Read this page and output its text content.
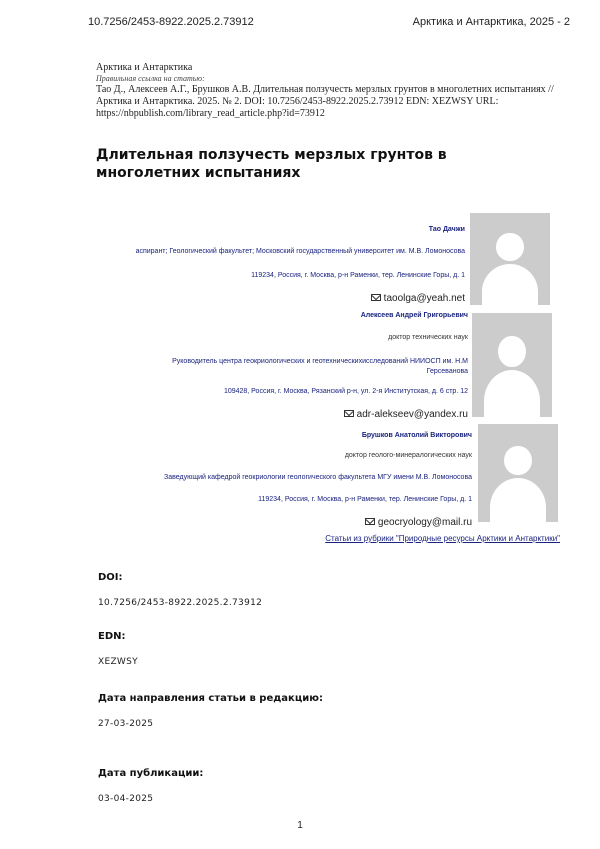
10.7256/2453-8922.2025.2.73912	Арктика и Антарктика, 2025 - 2
Арктика и Антарктика
Правильная ссылка на статью:
Тао Д., Алексеев А.Г., Брушков А.В. Длительная ползучесть мерзлых грунтов в многолетних испытаниях // Арктика и Антарктика. 2025. № 2. DOI: 10.7256/2453-8922.2025.2.73912 EDN: XEZWSY URL: https://nbpublish.com/library_read_article.php?id=73912
Длительная ползучесть мерзлых грунтов в многолетних испытаниях
Тао Дачжи
аспирант; Геологический факультет; Московский государственный университет им. М.В. Ломоносова
119234, Россия, г. Москва, р-н Раменки, тер. Ленинские Горы, д. 1
taoolga@yeah.net
Алексеев Андрей Григорьевич
доктор технических наук
Руководитель центра геокриологических и геотехническихисследований НИИОСП им. Н.М Герсеванова
109428, Россия, г. Москва, Рязанский р-н, ул. 2-я Институтская, д. 6 стр. 12
adr-alekseev@yandex.ru
Брушков Анатолий Викторович
доктор геолого-минералогических наук
Заведующий кафедрой геокриологии геологического факультета МГУ имени М.В. Ломоносова
119234, Россия, г. Москва, р-н Раменки, тер. Ленинские Горы, д. 1
geocryology@mail.ru
Статьи из рубрики "Природные ресурсы Арктики и Антарктики"
DOI:
10.7256/2453-8922.2025.2.73912
EDN:
XEZWSY
Дата направления статьи в редакцию:
27-03-2025
Дата публикации:
03-04-2025
1
